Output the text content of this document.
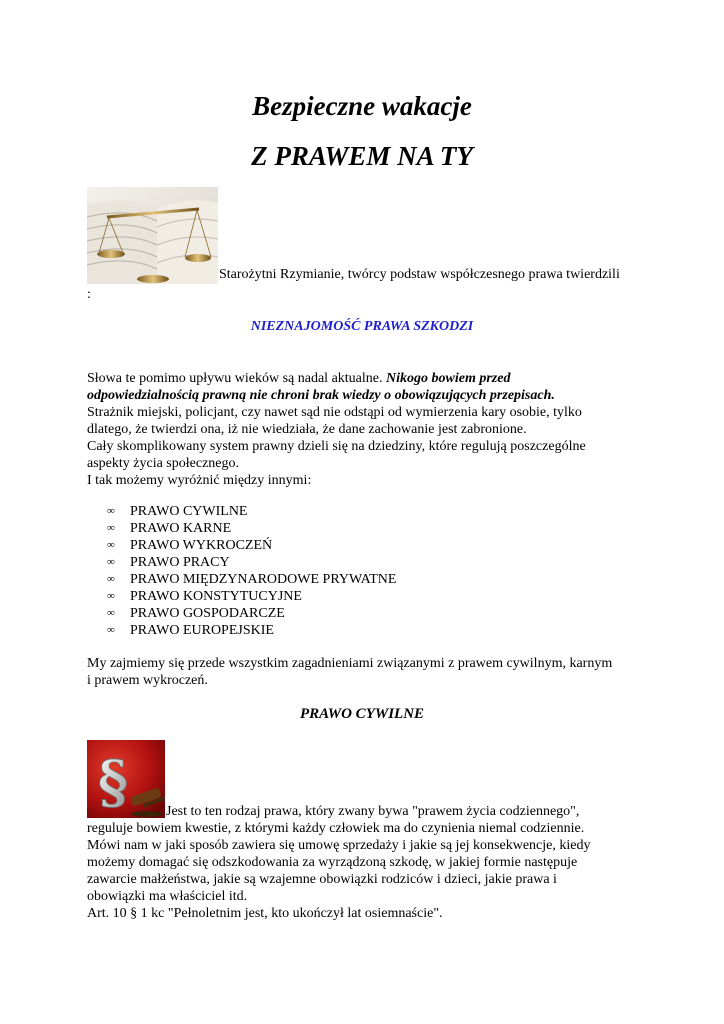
Bezpieczne wakacje
Z PRAWEM NA TY
Starożytni Rzymianie, twórcy podstaw współczesnego prawa twierdzili
:
NIEZNAJOMOŚĆ PRAWA SZKODZI
Słowa te pomimo upływu wieków są nadal aktualne. Nikogo bowiem przed
odpowiedzialnością prawną nie chroni brak wiedzy o obowiązujących przepisach.
Strażnik miejski, policjant, czy nawet sąd nie odstąpi od wymierzenia kary osobie, tylko
dlatego, że twierdzi ona, iż nie wiedziała, że dane zachowanie jest zabronione.
Cały skomplikowany system prawny dzieli się na dziedziny, które regulują poszczególne
aspekty życia społecznego.
I tak możemy wyróżnić między innymi:
∞ PRAWO CYWILNE
∞ PRAWO KARNE
∞ PRAWO WYKROCZEŃ
∞ PRAWO PRACY
∞ PRAWO MIĘDZYNARODOWE PRYWATNE
∞ PRAWO KONSTYTUCYJNE
∞ PRAWO GOSPODARCZE
∞ PRAWO EUROPEJSKIE
My zajmiemy się przede wszystkim zagadnieniami związanymi z prawem cywilnym, karnym
i prawem wykroczeń.
PRAWO CYWILNE
§	Jest to ten rodzaj prawa, który zwany bywa "prawem życia codziennego",
reguluje bowiem kwestie, z którymi każdy człowiek ma do czynienia niemal codziennie.
Mówi nam w jaki sposób zawiera się umowę sprzedaży i jakie są jej konsekwencje, kiedy
możemy domagać się odszkodowania za wyrządzoną szkodę, w jakiej formie następuje
zawarcie małżeństwa, jakie są wzajemne obowiązki rodziców i dzieci, jakie prawa i
obowiązki ma właściciel itd.
Art. 10 § 1 kc "Pełnoletnim jest, kto ukończył lat osiemnaście".
